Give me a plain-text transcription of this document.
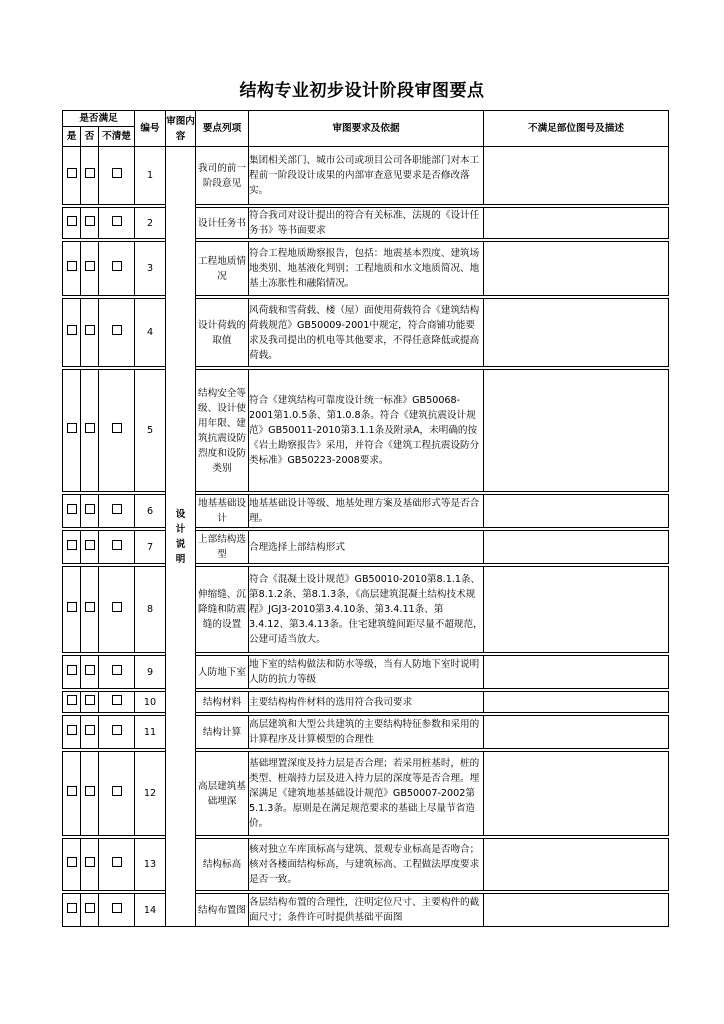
结构专业初步设计阶段审图要点
是否满足			编号	审图内容	要点列项	审图要求及依据	不满足部位图号及描述
是	否	不清楚					
			1	设计说明	我司的前一阶段意见	集团相关部门、城市公司或项目公司各职能部门对本工程前一阶段设计成果的内部审查意见要求是否修改落实。	

			2		设计任务书	符合我司对设计提出的符合有关标准、法规的《设计任务书》等书面要求	

			3		工程地质情况	符合工程地质勘察报告，包括：地震基本烈度、建筑场地类别、地基液化判别；工程地质和水文地质简况、地基土冻胀性和融陷情况。	

			4		设计荷载的取值	风荷载和雪荷载、楼（屋）面使用荷载符合《建筑结构荷载规范》GB50009-2001中规定，符合商铺功能要求及我司提出的机电等其他要求，不得任意降低或提高荷载。	

			5		结构安全等级、设计使用年限、建筑抗震设防烈度和设防类别	符合《建筑结构可靠度设计统一标准》GB50068-2001第1.0.5条、第1.0.8条。符合《建筑抗震设计规范》GB50011-2010第3.1.1条及附录A，未明确的按《岩土勘察报告》采用，并符合《建筑工程抗震设防分类标准》GB50223-2008要求。	

			6		地基基础设计	地基基础设计等级、地基处理方案及基础形式等是否合理。	

			7		上部结构选型	合理选择上部结构形式	

			8		伸缩缝、沉降缝和防震缝的设置	符合《混凝土设计规范》GB50010-2010第8.1.1条、第8.1.2条、第8.1.3条，《高层建筑混凝土结构技术规程》JGJ3-2010第3.4.10条、第3.4.11条、第3.4.12、第3.4.13条。住宅建筑缝间距尽量不超规范，公建可适当放大。	

			9		人防地下室	地下室的结构做法和防水等级，当有人防地下室时说明人防的抗力等级	

			10		结构材料	主要结构构件材料的选用符合我司要求	

			11		结构计算	高层建筑和大型公共建筑的主要结构特征参数和采用的计算程序及计算模型的合理性	

			12		高层建筑基础埋深	基础埋置深度及持力层是否合理；若采用桩基时，桩的类型、桩端持力层及进入持力层的深度等是否合理。埋深满足《建筑地基基础设计规范》GB50007-2002第5.1.3条。原则是在满足规范要求的基础上尽量节省造价。	

			13		结构标高	核对独立车库顶标高与建筑、景观专业标高是否吻合；核对各楼面结构标高，与建筑标高、工程做法厚度要求是否一致。	

			14		结构布置图	各层结构布置的合理性，注明定位尺寸、主要构件的截面尺寸；条件许可时提供基础平面图	
